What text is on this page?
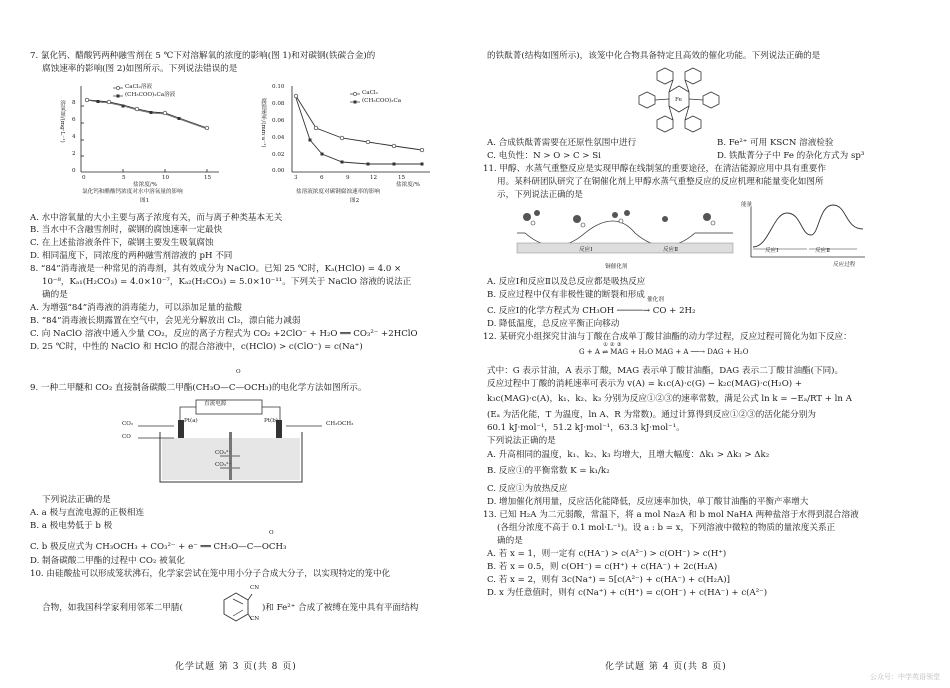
7. 氯化钙、醋酸钙两种融雪剂在 5 ℃下对溶解氧的浓度的影响(图 1)和对碳钢(铁碳合金)的
腐蚀速率的影响(图 2)如图所示。下列说法错误的是
CaCl₂溶液
(CH₃COO)₂Ca溶液
8
6
4
2
0
溶氧量/(mg·L⁻¹)
0	5	10	15
盐浓度/%
氯化钙和醋酸钙浓度对水中溶氧量的影响
图1
CaCl₂
(CH₃COO)₂Ca
0.10
0.08
0.06
0.04
0.02
0.00
腐蚀速率/(mm·a⁻¹)
3	6	9	12	15
盐浓度/%
盐溶液浓度对碳钢腐蚀速率的影响
图2
A. 水中溶氧量的大小主要与离子浓度有关，而与离子种类基本无关
B. 当水中不含融雪剂时，碳钢的腐蚀速率一定最快
C. 在上述盐溶液条件下，碳钢主要发生吸氧腐蚀
D. 相同温度下，同浓度的两种融雪剂溶液的 pH 不同
8. “84”消毒液是一种常见的消毒剂，其有效成分为 NaClO。已知 25 ℃时，Kₐ(HClO) = 4.0 ×
10⁻⁸，Kₐ₁(H₂CO₃) = 4.0×10⁻⁷，Kₐ₂(H₂CO₃) = 5.0×10⁻¹¹。下列关于 NaClO 溶液的说法正
确的是
A. 为增强“84”消毒液的消毒能力，可以添加足量的盐酸
B. “84”消毒液长期露置在空气中，会见光分解放出 Cl₂，漂白能力减弱
C. 向 NaClO 溶液中通入少量 CO₂，反应的离子方程式为 CO₂ +2ClO⁻ + H₂O ══ CO₃²⁻ +2HClO
D. 25 ℃时，中性的 NaClO 和 HClO 的混合溶液中，c(HClO) > c(ClO⁻) = c(Na⁺)
O
9. 一种二甲醚和 CO₂ 直接制备碳酸二甲酯(CH₃O—C—OCH₃)的电化学方法如图所示。
直流电源
Pt(a)	Pt(b)
CO₂
CO
CH₃OCH₃
CO₃²⁻
CO₃²⁻
下列说法正确的是
A. a 极与直流电源的正极相连
B. a 极电势低于 b 极
O
C. b 极反应式为 CH₃OCH₃ + CO₃²⁻ + e⁻ ══ CH₃O—C—OCH₃
D. 制备碳酸二甲酯的过程中 CO₂ 被氧化
10. 由硅酸盐可以形成笼状沸石，化学家尝试在笼中用小分子合成大分子，以实现特定的笼中化
CN
CN
合物，如我国科学家利用邻苯二甲腈(	)和 Fe²⁺ 合成了被缚在笼中具有平面结构
化学试题 第 3 页(共 8 页)
的铁酞菁(结构如图所示)，该笼中化合物具备特定且高效的催化功能。下列说法正确的是
Fe
A. 合成铁酞菁需要在还原性氛围中进行	B. Fe²⁺ 可用 KSCN 溶液检验
C. 电负性：N > O > C > Si	D. 铁酞菁分子中 Fe 的杂化方式为 sp³
11. 甲醇、水蒸气重整反应是实现甲醇在线制氢的重要途径，在清洁能源应用中具有重要作
用。某科研团队研究了在铜催化剂上甲醇水蒸气重整反应的反应机理和能量变化如图所
示，下列说法正确的是
反应Ⅰ	反应Ⅱ
铜催化剂
能量
反应Ⅰ	反应Ⅱ
反应过程
A. 反应Ⅰ和反应Ⅱ以及总反应都是吸热反应
B. 反应过程中仅有非极性键的断裂和形成 催化剂
C. 反应Ⅰ的化学方程式为 CH₃OH ─────→ CO + 2H₂
D. 降低温度，总反应平衡正向移动
12. 某研究小组探究甘油与丁酸在合成单丁酸甘油酯的动力学过程，反应过程可简化为如下反应：
G + A ⇌ MAG + H₂O MAG + A ──→ DAG + H₂O
① ② ③
式中：G 表示甘油，A 表示丁酸，MAG 表示单丁酸甘油酯，DAG 表示二丁酸甘油酯(下同)。
反应过程中丁酸的消耗速率可表示为 v(A) = k₁c(A)·c(G) − k₂c(MAG)·c(H₂O) +
k₃c(MAG)·c(A)，k₁、k₂、k₃ 分别为反应①②③的速率常数，满足公式 ln k = −Eₐ/RT + ln A
(Eₐ 为活化能，T 为温度，ln A、R 为常数)。通过计算得到反应①②③的活化能分别为
60.1 kJ·mol⁻¹，51.2 kJ·mol⁻¹，63.3 kJ·mol⁻¹。
下列说法正确的是
A. 升高相同的温度，k₁、k₂、k₃ 均增大，且增大幅度：Δk₁ > Δk₃ > Δk₂
B. 反应①的平衡常数 K = k₁/k₂
C. 反应①为放热反应
D. 增加催化剂用量，反应活化能降低，反应速率加快，单丁酸甘油酯的平衡产率增大
13. 已知 H₂A 为二元弱酸，常温下，将 a mol Na₂A 和 b mol NaHA 两种盐溶于水得到混合溶液
(各组分浓度不高于 0.1 mol·L⁻¹)。设 a : b = x，下列溶液中微粒的物质的量浓度关系正
确的是
A. 若 x = 1，则一定有 c(HA⁻) > c(A²⁻) > c(OH⁻) > c(H⁺)
B. 若 x = 0.5，则 c(OH⁻) = c(H⁺) + c(HA⁻) + 2c(H₂A)
C. 若 x = 2，则有 3c(Na⁺) = 5[c(A²⁻) + c(HA⁻) + c(H₂A)]
D. x 为任意值时，则有 c(Na⁺) + c(H⁺) = c(OH⁻) + c(HA⁻) + c(A²⁻)
化学试题 第 4 页(共 8 页)
公众号：中学英语领堂
